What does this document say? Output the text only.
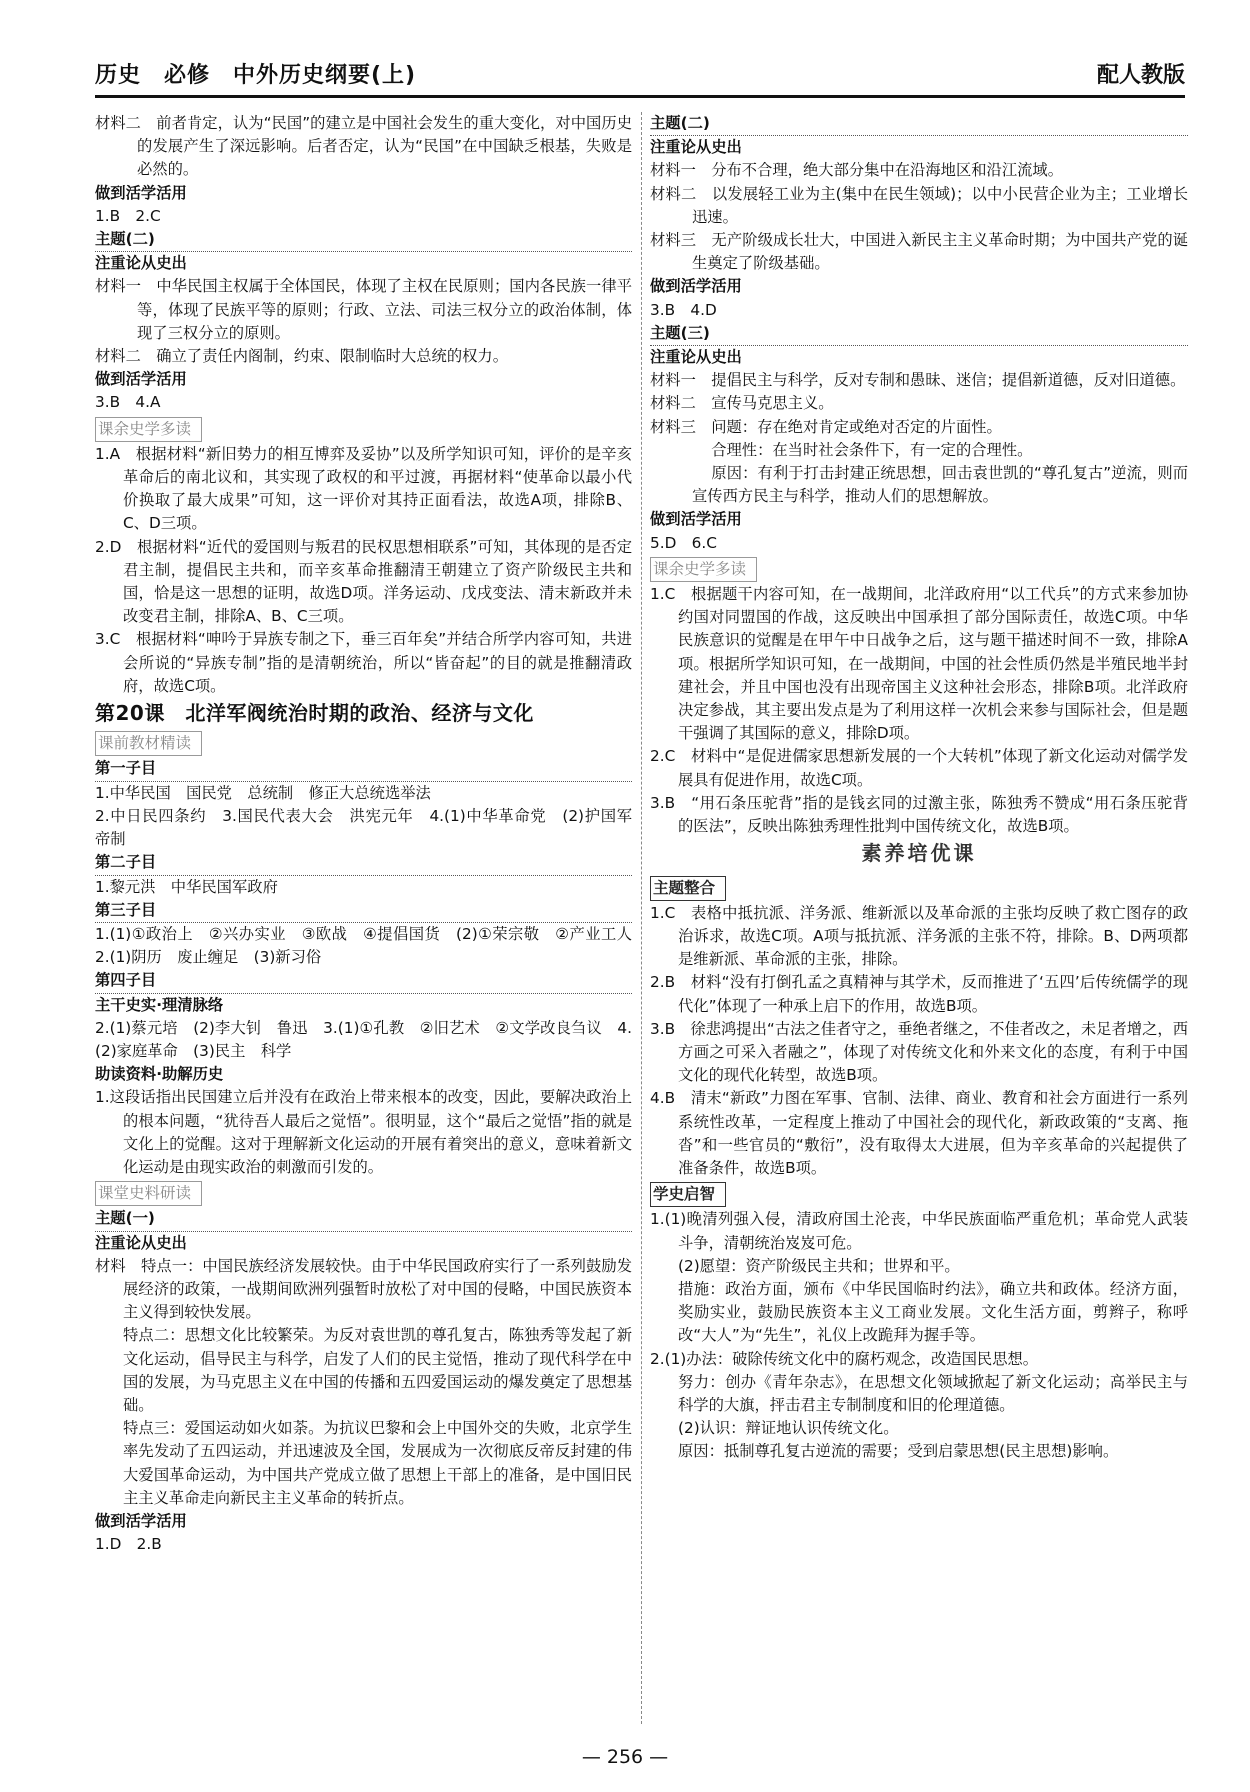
历史　必修　中外历史纲要(上)	配人教版

材料二　前者肯定，认为“民国”的建立是中国社会发生的重大变化，对中国历史的发展产生了深远影响。后者否定，认为“民国”在中国缺乏根基，失败是必然的。

做到活学活用

1.B　2.C

主题(二)

注重论从史出

材料一　中华民国主权属于全体国民，体现了主权在民原则；国内各民族一律平等，体现了民族平等的原则；行政、立法、司法三权分立的政治体制，体现了三权分立的原则。

材料二　确立了责任内阁制，约束、限制临时大总统的权力。

做到活学活用

3.B　4.A

课余史学多读

1.A　根据材料“新旧势力的相互博弈及妥协”以及所学知识可知，评价的是辛亥革命后的南北议和，其实现了政权的和平过渡，再据材料“使革命以最小代价换取了最大成果”可知，这一评价对其持正面看法，故选A项，排除B、C、D三项。

2.D　根据材料“近代的爱国则与叛君的民权思想相联系”可知，其体现的是否定君主制，提倡民主共和，而辛亥革命推翻清王朝建立了资产阶级民主共和国，恰是这一思想的证明，故选D项。洋务运动、戊戌变法、清末新政并未改变君主制，排除A、B、C三项。

3.C　根据材料“呻吟于异族专制之下，垂三百年矣”并结合所学内容可知，共进会所说的“异族专制”指的是清朝统治，所以“皆奋起”的目的就是推翻清政府，故选C项。

第20课　北洋军阀统治时期的政治、经济与文化
课前教材精读

第一子目

1.中华民国　国民党　总统制　修正大总统选举法

2.中日民四条约　3.国民代表大会　洪宪元年　4.(1)中华革命党　(2)护国军　帝制

第二子目

1.黎元洪　中华民国军政府

第三子目

1.(1)①政治上　②兴办实业　③欧战　④提倡国货　(2)①荣宗敬　②产业工人　2.(1)阴历　废止缠足　(3)新习俗

第四子目

主干史实·理清脉络

2.(1)蔡元培　(2)李大钊　鲁迅　3.(1)①孔教　②旧艺术　②文学改良刍议　4.(2)家庭革命　(3)民主　科学

助读资料·助解历史

1.这段话指出民国建立后并没有在政治上带来根本的改变，因此，要解决政治上的根本问题，“犹待吾人最后之觉悟”。很明显，这个“最后之觉悟”指的就是文化上的觉醒。这对于理解新文化运动的开展有着突出的意义，意味着新文化运动是由现实政治的刺激而引发的。

课堂史料研读

主题(一)

注重论从史出

材料　特点一：中国民族经济发展较快。由于中华民国政府实行了一系列鼓励发展经济的政策，一战期间欧洲列强暂时放松了对中国的侵略，中国民族资本主义得到较快发展。

特点二：思想文化比较繁荣。为反对袁世凯的尊孔复古，陈独秀等发起了新文化运动，倡导民主与科学，启发了人们的民主觉悟，推动了现代科学在中国的发展，为马克思主义在中国的传播和五四爱国运动的爆发奠定了思想基础。

特点三：爱国运动如火如荼。为抗议巴黎和会上中国外交的失败，北京学生率先发动了五四运动，并迅速波及全国，发展成为一次彻底反帝反封建的伟大爱国革命运动，为中国共产党成立做了思想上干部上的准备，是中国旧民主主义革命走向新民主主义革命的转折点。

做到活学活用

1.D　2.B

主题(二)

注重论从史出

材料一　分布不合理，绝大部分集中在沿海地区和沿江流域。

材料二　以发展轻工业为主(集中在民生领域)；以中小民营企业为主；工业增长迅速。

材料三　无产阶级成长壮大，中国进入新民主主义革命时期；为中国共产党的诞生奠定了阶级基础。

做到活学活用

3.B　4.D

主题(三)

注重论从史出

材料一　提倡民主与科学，反对专制和愚昧、迷信；提倡新道德，反对旧道德。

材料二　宣传马克思主义。

材料三　问题：存在绝对肯定或绝对否定的片面性。

　　　　合理性：在当时社会条件下，有一定的合理性。

　　　　原因：有利于打击封建正统思想，回击袁世凯的“尊孔复古”逆流，则而宣传西方民主与科学，推动人们的思想解放。

做到活学活用

5.D　6.C

课余史学多读

1.C　根据题干内容可知，在一战期间，北洋政府用“以工代兵”的方式来参加协约国对同盟国的作战，这反映出中国承担了部分国际责任，故选C项。中华民族意识的觉醒是在甲午中日战争之后，这与题干描述时间不一致，排除A项。根据所学知识可知，在一战期间，中国的社会性质仍然是半殖民地半封建社会，并且中国也没有出现帝国主义这种社会形态，排除B项。北洋政府决定参战，其主要出发点是为了利用这样一次机会来参与国际社会，但是题干强调了其国际的意义，排除D项。

2.C　材料中“是促进儒家思想新发展的一个大转机”体现了新文化运动对儒学发展具有促进作用，故选C项。

3.B　“用石条压驼背”指的是钱玄同的过激主张，陈独秀不赞成“用石条压驼背的医法”，反映出陈独秀理性批判中国传统文化，故选B项。

素养培优课
主题整合

1.C　表格中抵抗派、洋务派、维新派以及革命派的主张均反映了救亡图存的政治诉求，故选C项。A项与抵抗派、洋务派的主张不符，排除。B、D两项都是维新派、革命派的主张，排除。

2.B　材料“没有打倒孔孟之真精神与其学术，反而推进了‘五四’后传统儒学的现代化”体现了一种承上启下的作用，故选B项。

3.B　徐悲鸿提出“古法之佳者守之，垂绝者继之，不佳者改之，未足者增之，西方画之可采入者融之”，体现了对传统文化和外来文化的态度，有利于中国文化的现代化转型，故选B项。

4.B　清末“新政”力图在军事、官制、法律、商业、教育和社会方面进行一系列系统性改革，一定程度上推动了中国社会的现代化，新政政策的“支离、拖沓”和一些官员的“敷衍”，没有取得太大进展，但为辛亥革命的兴起提供了准备条件，故选B项。

学史启智

1.(1)晚清列强入侵，清政府国土沦丧，中华民族面临严重危机；革命党人武装斗争，清朝统治岌岌可危。

(2)愿望：资产阶级民主共和；世界和平。

措施：政治方面，颁布《中华民国临时约法》，确立共和政体。经济方面，奖励实业，鼓励民族资本主义工商业发展。文化生活方面，剪辫子，称呼改“大人”为“先生”，礼仪上改跪拜为握手等。

2.(1)办法：破除传统文化中的腐朽观念，改造国民思想。

努力：创办《青年杂志》，在思想文化领域掀起了新文化运动；高举民主与科学的大旗，抨击君主专制制度和旧的伦理道德。

(2)认识：辩证地认识传统文化。

原因：抵制尊孔复古逆流的需要；受到启蒙思想(民主思想)影响。

— 256 —
